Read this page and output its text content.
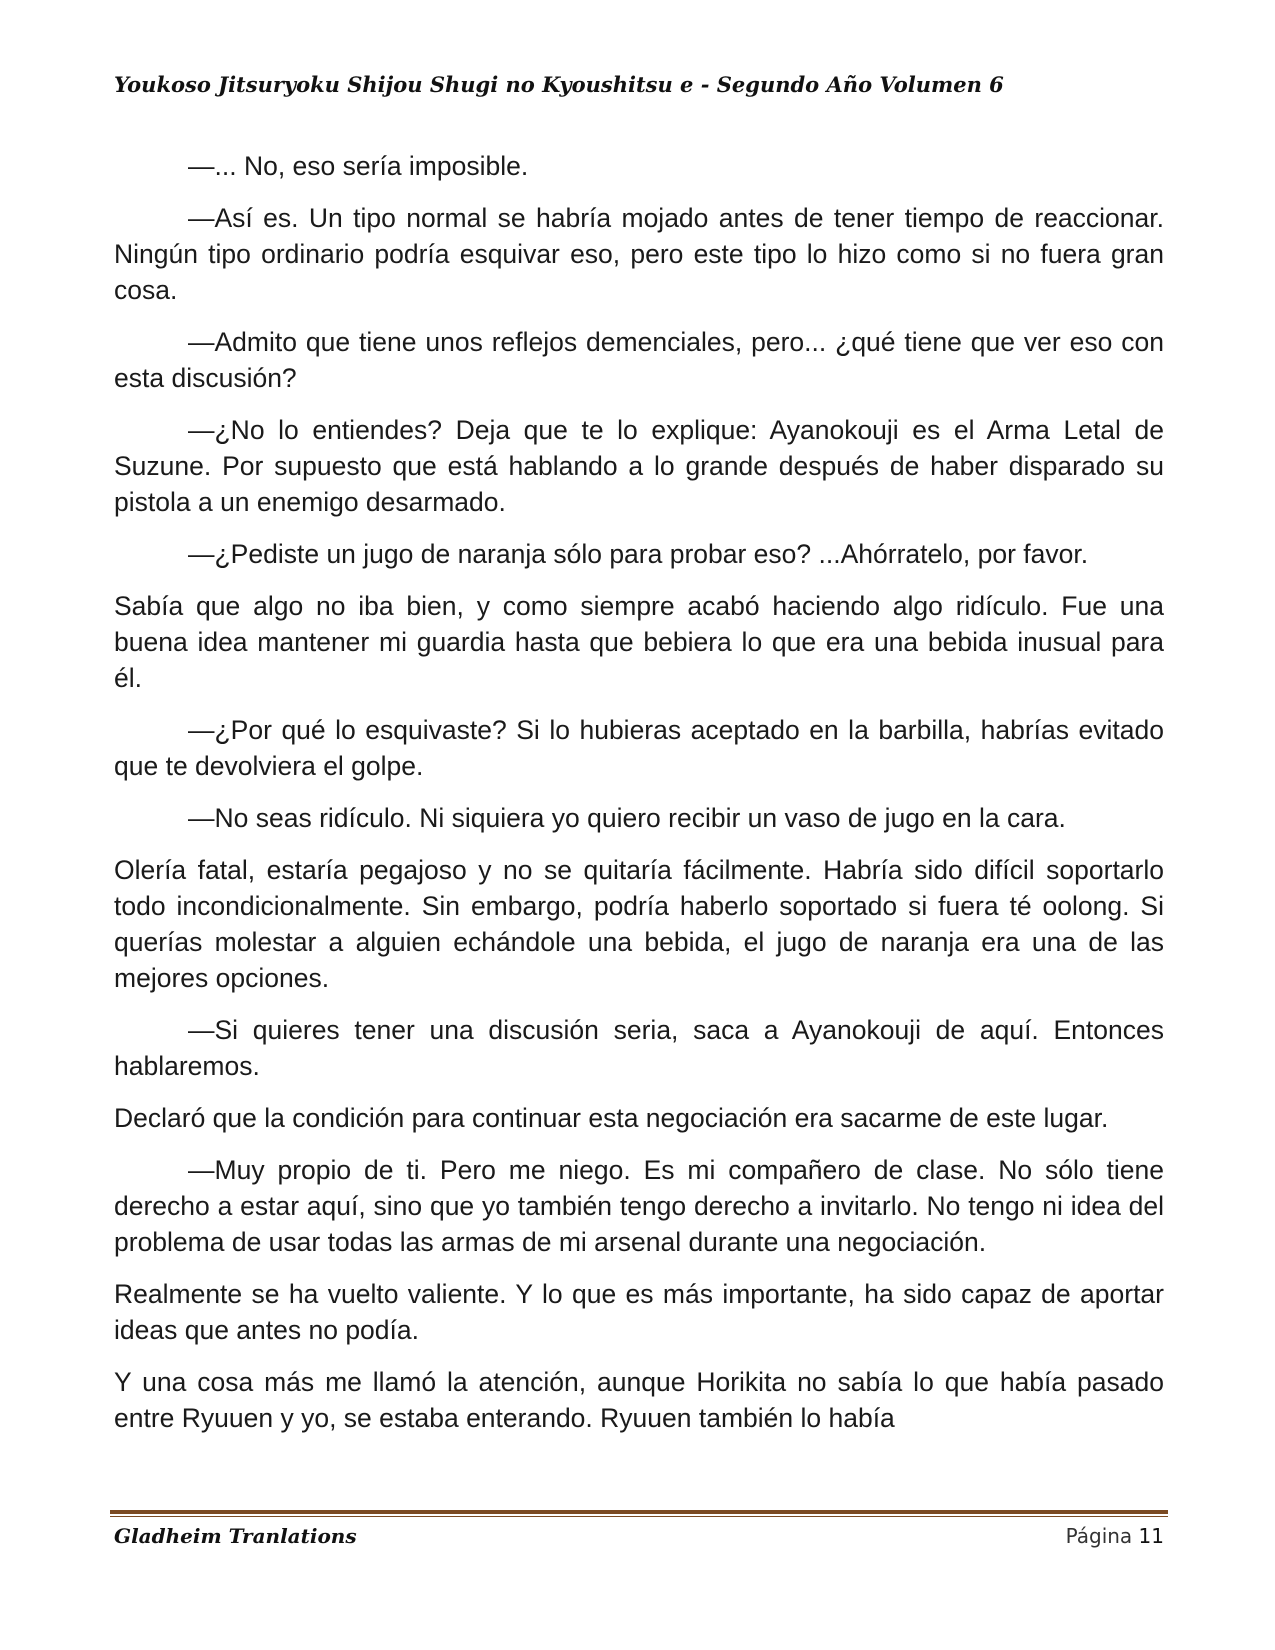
Youkoso Jitsuryoku Shijou Shugi no Kyoushitsu e - Segundo Año Volumen 6

—... No, eso sería imposible.

—Así es. Un tipo normal se habría mojado antes de tener tiempo de reaccionar. Ningún tipo ordinario podría esquivar eso, pero este tipo lo hizo como si no fuera gran cosa.

—Admito que tiene unos reflejos demenciales, pero... ¿qué tiene que ver eso con esta discusión?

—¿No lo entiendes? Deja que te lo explique: Ayanokouji es el Arma Letal de Suzune. Por supuesto que está hablando a lo grande después de haber disparado su pistola a un enemigo desarmado.

—¿Pediste un jugo de naranja sólo para probar eso? ...Ahórratelo, por favor.

Sabía que algo no iba bien, y como siempre acabó haciendo algo ridículo. Fue una buena idea mantener mi guardia hasta que bebiera lo que era una bebida inusual para él.

—¿Por qué lo esquivaste? Si lo hubieras aceptado en la barbilla, habrías evitado que te devolviera el golpe.

—No seas ridículo. Ni siquiera yo quiero recibir un vaso de jugo en la cara.

Olería fatal, estaría pegajoso y no se quitaría fácilmente. Habría sido difícil soportarlo todo incondicionalmente. Sin embargo, podría haberlo soportado si fuera té oolong. Si querías molestar a alguien echándole una bebida, el jugo de naranja era una de las mejores opciones.

—Si quieres tener una discusión seria, saca a Ayanokouji de aquí. Entonces hablaremos.

Declaró que la condición para continuar esta negociación era sacarme de este lugar.

—Muy propio de ti. Pero me niego. Es mi compañero de clase. No sólo tiene derecho a estar aquí, sino que yo también tengo derecho a invitarlo. No tengo ni idea del problema de usar todas las armas de mi arsenal durante una negociación.

Realmente se ha vuelto valiente. Y lo que es más importante, ha sido capaz de aportar ideas que antes no podía.

Y una cosa más me llamó la atención, aunque Horikita no sabía lo que había pasado entre Ryuuen y yo, se estaba enterando. Ryuuen también lo había

Gladheim Tranlations	Página 11
